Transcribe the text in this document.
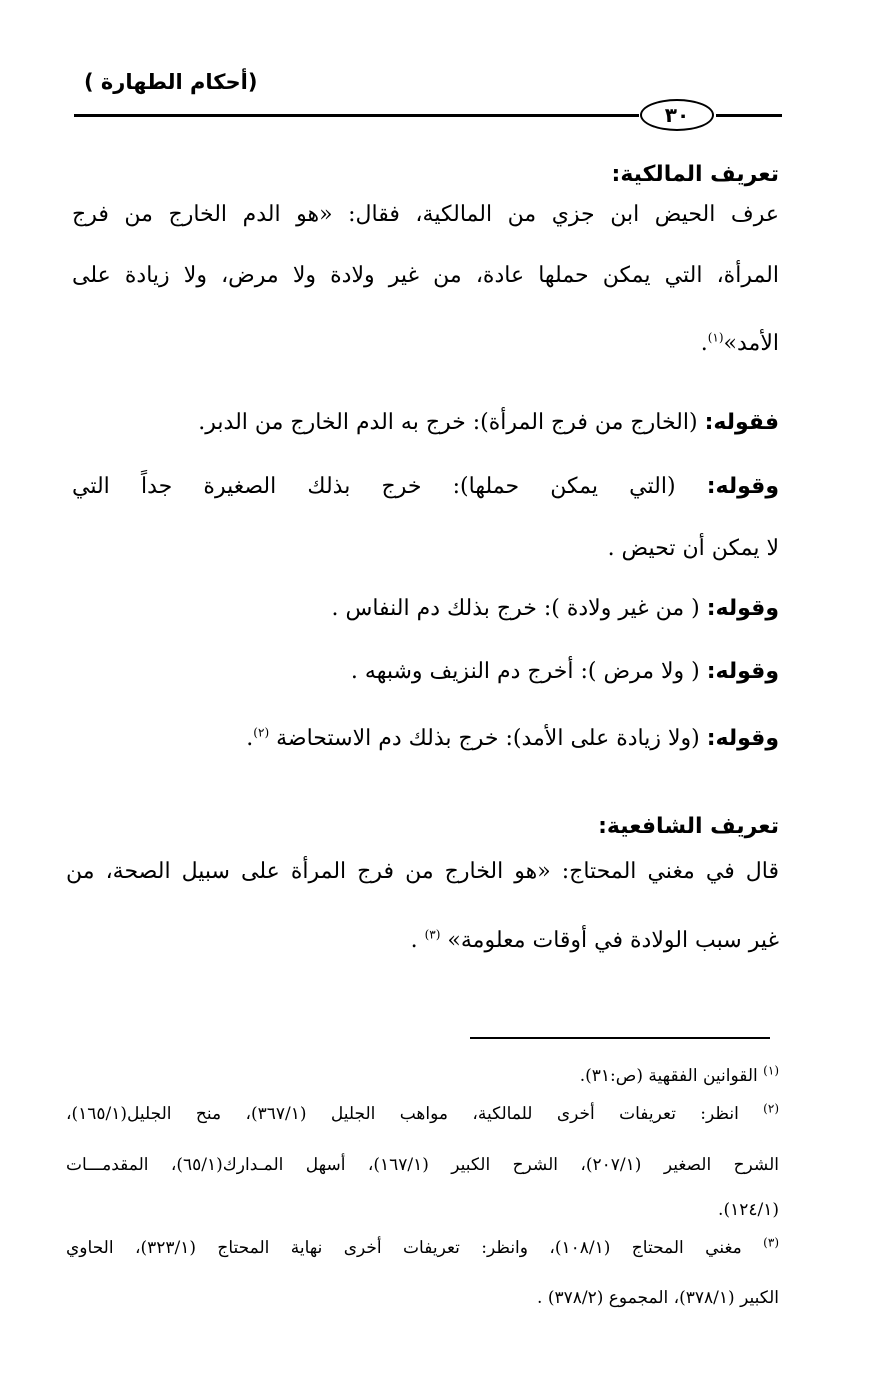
(أحكام الطهارة )
٣٠
تعريف المالكية:
عرف الحيض ابن جزي من المالكية، فقال: «هو الدم الخارج من فرج
المرأة، التي يمكن حملها عادة، من غير ولادة ولا مرض، ولا زيادة على
الأمد»$^{(١)}$.
فقوله: (الخارج من فرج المرأة): خرج به الدم الخارج من الدبر.
وقوله: (التي يمكن حملها): خرج بذلك الصغيرة جداً التي
لا يمكن أن تحيض .
وقوله: ( من غير ولادة ): خرج بذلك دم النفاس .
وقوله: ( ولا مرض ): أخرج دم النزيف وشبهه .
وقوله: (ولا زيادة على الأمد): خرج بذلك دم الاستحاضة $^{(٢)}$.
تعريف الشافعية:
قال في مغني المحتاج: «هو الخارج من فرج المرأة على سبيل الصحة، من
غير سبب الولادة في أوقات معلومة» $^{(٣)}$ .
$^{(١)}$ القوانين الفقهية (ص:٣١).
$^{(٢)}$ انظر: تعريفات أخرى للمالكية، مواهب الجليل (٣٦٧/١)، منح الجليل(١٦٥/١)،
الشرح الصغير (٢٠٧/١)، الشرح الكبير (١٦٧/١)، أسهل المـدارك(٦٥/١)، المقدمـــات
(١٢٤/١).
$^{(٣)}$ مغني المحتاج (١٠٨/١)، وانظر: تعريفات أخرى نهاية المحتاج (٣٢٣/١)، الحاوي
الكبير (٣٧٨/١)، المجموع (٣٧٨/٢) .
